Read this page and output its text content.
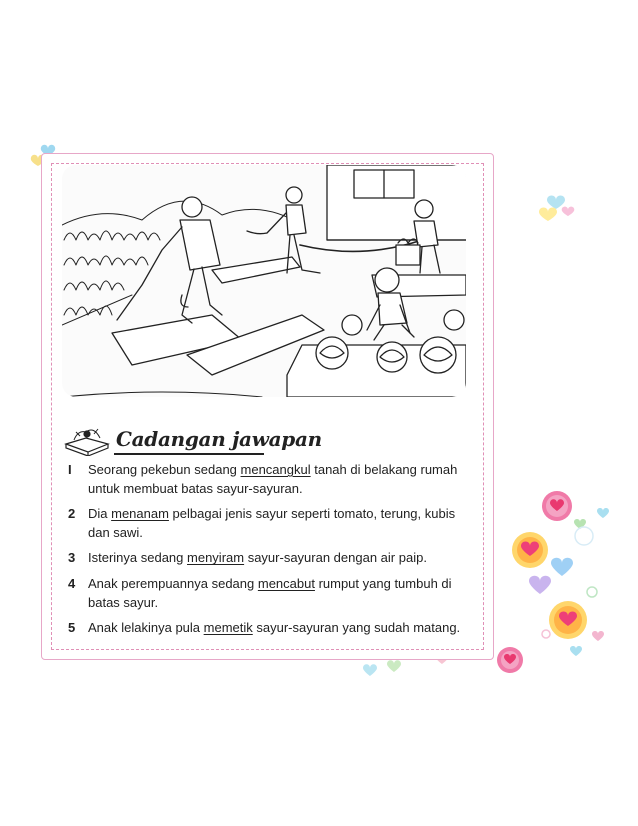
Cadangan jawapan
I Seorang pekebun sedang mencangkul tanah di belakang rumah untuk membuat batas sayur-sayuran.
2 Dia menanam pelbagai jenis sayur seperti tomato, terung, kubis dan sawi.
3 Isterinya sedang menyiram sayur-sayuran dengan air paip.
4 Anak perempuannya sedang mencabut rumput yang tumbuh di batas sayur.
5 Anak lelakinya pula memetik sayur-sayuran yang sudah matang.
